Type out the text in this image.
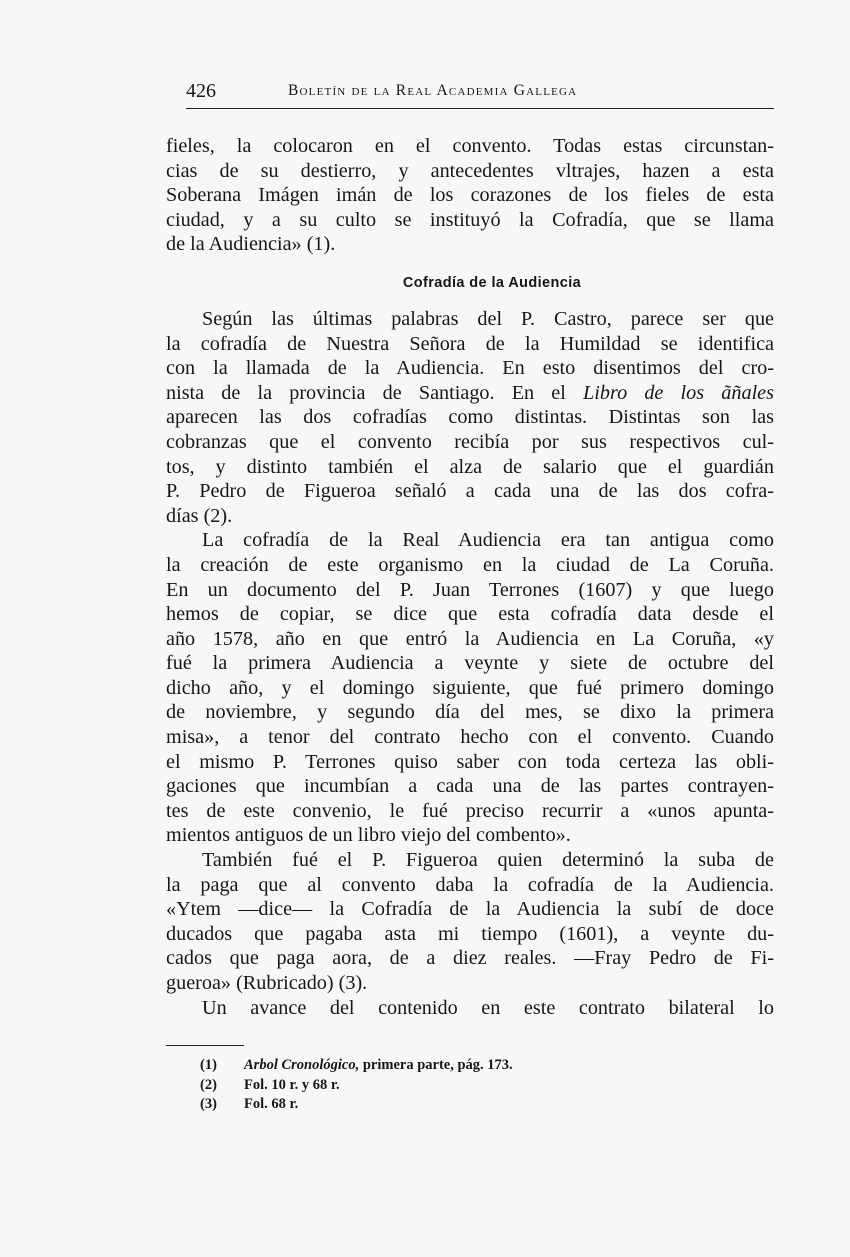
426	Boletín de la Real Academia Gallega
fieles, la colocaron en el convento. Todas estas circunstan-
cias de su destierro, y antecedentes vltrajes, hazen a esta
Soberana Imágen imán de los corazones de los fieles de esta
ciudad, y a su culto se instituyó la Cofradía, que se llama
de la Audiencia» (1).
Cofradía de la Audiencia
Según las últimas palabras del P. Castro, parece ser que
la cofradía de Nuestra Señora de la Humildad se identifica
con la llamada de la Audiencia. En esto disentimos del cro-
nista de la provincia de Santiago. En el Libro de los ãñales
aparecen las dos cofradías como distintas. Distintas son las
cobranzas que el convento recibía por sus respectivos cul-
tos, y distinto también el alza de salario que el guardián
P. Pedro de Figueroa señaló a cada una de las dos cofra-
días (2).
La cofradía de la Real Audiencia era tan antigua como
la creación de este organismo en la ciudad de La Coruña.
En un documento del P. Juan Terrones (1607) y que luego
hemos de copiar, se dice que esta cofradía data desde el
año 1578, año en que entró la Audiencia en La Coruña, «y
fué la primera Audiencia a veynte y siete de octubre del
dicho año, y el domingo siguiente, que fué primero domingo
de noviembre, y segundo día del mes, se dixo la primera
misa», a tenor del contrato hecho con el convento. Cuando
el mismo P. Terrones quiso saber con toda certeza las obli-
gaciones que incumbían a cada una de las partes contrayen-
tes de este convenio, le fué preciso recurrir a «unos apunta-
mientos antiguos de un libro viejo del combento».
También fué el P. Figueroa quien determinó la suba de
la paga que al convento daba la cofradía de la Audiencia.
«Ytem —dice— la Cofradía de la Audiencia la subí de doce
ducados que pagaba asta mi tiempo (1601), a veynte du-
cados que paga aora, de a diez reales. —Fray Pedro de Fi-
gueroa» (Rubricado) (3).
Un avance del contenido en este contrato bilateral lo
(1) Arbol Cronológico, primera parte, pág. 173.
(2) Fol. 10 r. y 68 r.
(3) Fol. 68 r.
